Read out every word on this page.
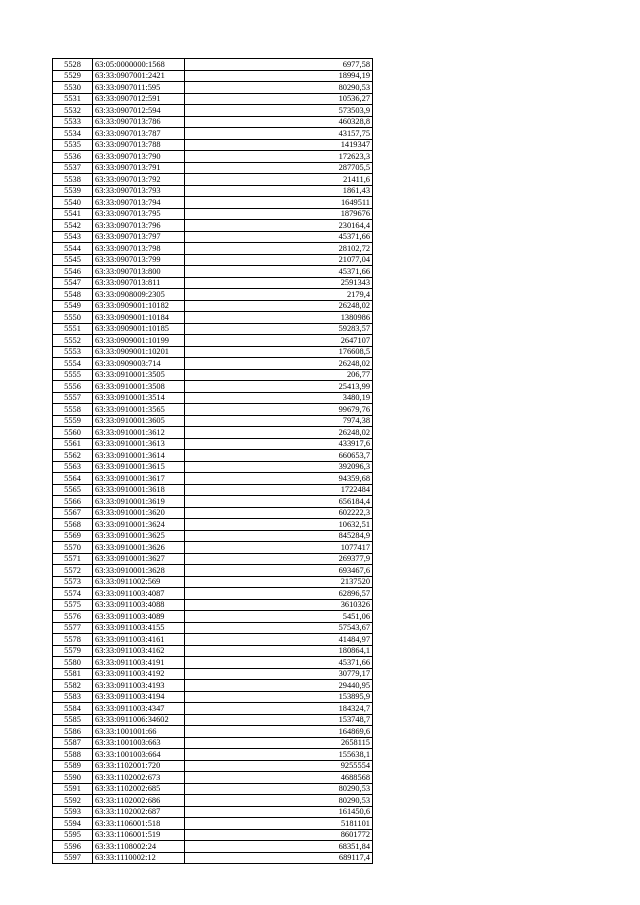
5528	63:05:0000000:1568	6977,58
5529	63:33:0907001:2421	18994,19
5530	63:33:0907011:595	80290,53
5531	63:33:0907012:591	10536,27
5532	63:33:0907012:594	573503,9
5533	63:33:0907013:786	460328,8
5534	63:33:0907013:787	43157,75
5535	63:33:0907013:788	1419347
5536	63:33:0907013:790	172623,3
5537	63:33:0907013:791	287705,5
5538	63:33:0907013:792	21411,6
5539	63:33:0907013:793	1861,43
5540	63:33:0907013:794	1649511
5541	63:33:0907013:795	1879676
5542	63:33:0907013:796	230164,4
5543	63:33:0907013:797	45371,66
5544	63:33:0907013:798	28102,72
5545	63:33:0907013:799	21077,04
5546	63:33:0907013:800	45371,66
5547	63:33:0907013:811	2591343
5548	63:33:0908009:2305	2179,4
5549	63:33:0909001:10182	26248,02
5550	63:33:0909001:10184	1380986
5551	63:33:0909001:10185	59283,57
5552	63:33:0909001:10199	2647107
5553	63:33:0909001:10201	176608,5
5554	63:33:0909003:714	26248,02
5555	63:33:0910001:3505	206,77
5556	63:33:0910001:3508	25413,99
5557	63:33:0910001:3514	3480,19
5558	63:33:0910001:3565	99679,76
5559	63:33:0910001:3605	7974,38
5560	63:33:0910001:3612	26248,02
5561	63:33:0910001:3613	433917,6
5562	63:33:0910001:3614	660653,7
5563	63:33:0910001:3615	392096,3
5564	63:33:0910001:3617	94359,68
5565	63:33:0910001:3618	1722484
5566	63:33:0910001:3619	656184,4
5567	63:33:0910001:3620	602222,3
5568	63:33:0910001:3624	10632,51
5569	63:33:0910001:3625	845284,9
5570	63:33:0910001:3626	1077417
5571	63:33:0910001:3627	269377,9
5572	63:33:0910001:3628	693467,6
5573	63:33:0911002:569	2137520
5574	63:33:0911003:4087	62896,57
5575	63:33:0911003:4088	3610326
5576	63:33:0911003:4089	5451,06
5577	63:33:0911003:4155	57543,67
5578	63:33:0911003:4161	41484,97
5579	63:33:0911003:4162	180864,1
5580	63:33:0911003:4191	45371,66
5581	63:33:0911003:4192	30779,17
5582	63:33:0911003:4193	29440,95
5583	63:33:0911003:4194	153895,9
5584	63:33:0911003:4347	184324,7
5585	63:33:0911006:34602	153748,7
5586	63:33:1001001:66	164869,6
5587	63:33:1001003:663	2658115
5588	63:33:1001003:664	155638,1
5589	63:33:1102001:720	9255554
5590	63:33:1102002:673	4688568
5591	63:33:1102002:685	80290,53
5592	63:33:1102002:686	80290,53
5593	63:33:1102002:687	161450,6
5594	63:33:1106001:518	5181101
5595	63:33:1106001:519	8601772
5596	63:33:1108002:24	68351,84
5597	63:33:1110002:12	689117,4
